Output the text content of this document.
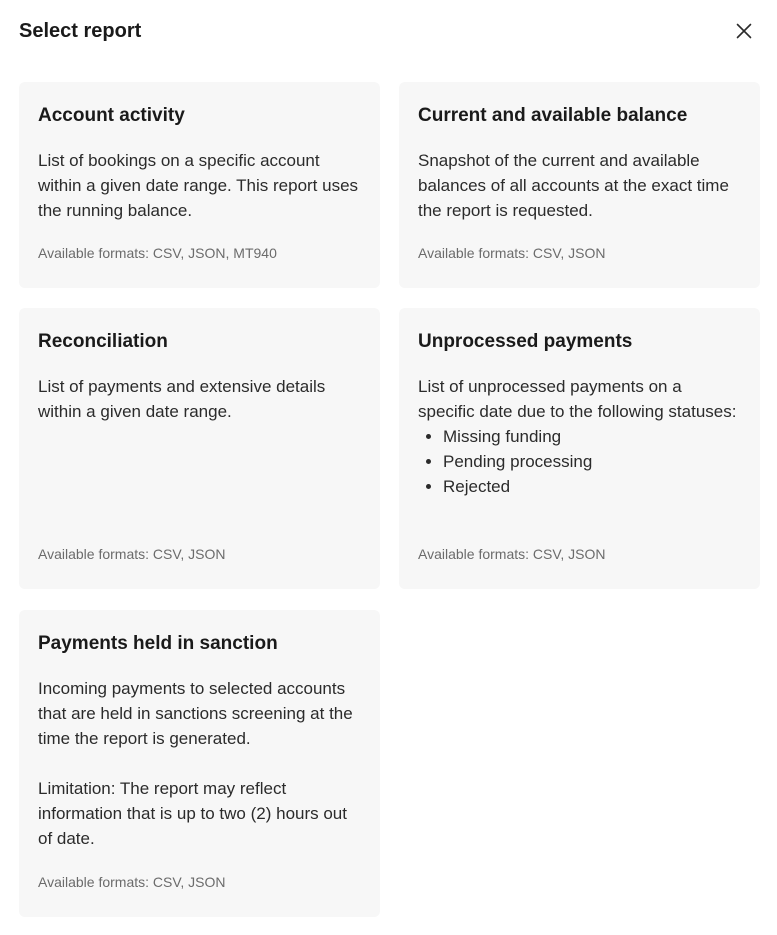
Select report
Account activity

List of bookings on a specific account within a given date range. This report uses the running balance.

Available formats: CSV, JSON, MT940
Current and available balance

Snapshot of the current and available balances of all accounts at the exact time the report is requested.

Available formats: CSV, JSON
Reconciliation

List of payments and extensive details within a given date range.

Available formats: CSV, JSON
Unprocessed payments

List of unprocessed payments on a specific date due to the following statuses:

• Missing funding
• Pending processing
• Rejected
Available formats: CSV, JSON
Payments held in sanction

Incoming payments to selected accounts that are held in sanctions screening at the time the report is generated.

Limitation: The report may reflect information that is up to two (2) hours out of date.

Available formats: CSV, JSON
